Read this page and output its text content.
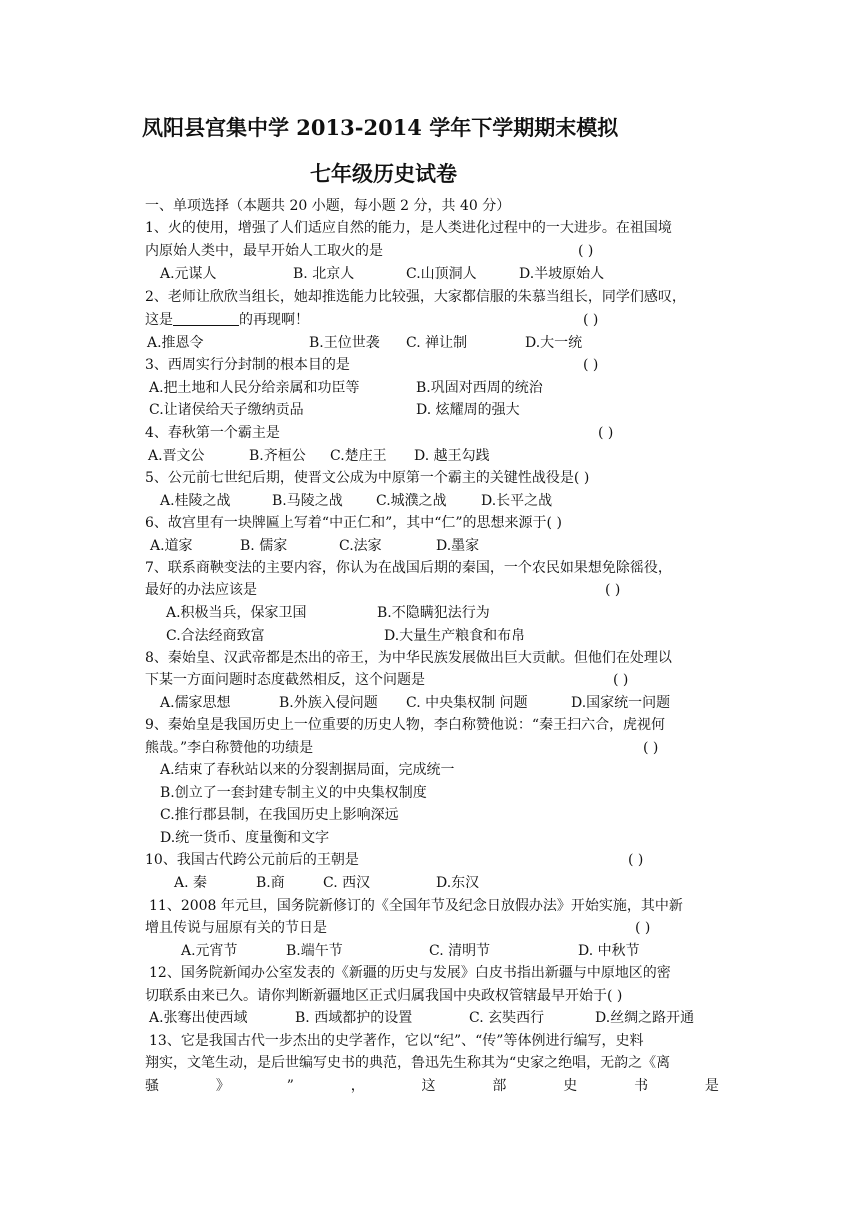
凤阳县宫集中学 2013-2014 学年下学期期末模拟
七年级历史试卷
一、单项选择（本题共 20 小题，每小题 2 分，共 40 分）
1、火的使用，增强了人们适应自然的能力，是人类进化过程中的一大进步。在祖国境
内原始人类中，最早开始人工取火的是	( )
A.元谋人	B. 北京人	C.山顶洞人	D.半坡原始人
2、老师让欣欣当组长，她却推选能力比较强，大家都信服的朱慕当组长，同学们感叹，
这是	的再现啊！	( )
A.推恩令	B.王位世袭 C. 禅让制	D.大一统
3、西周实行分封制的根本目的是	( )
A.把土地和人民分给亲属和功臣等	B.巩固对西周的统治
C.让诸侯给天子缴纳贡品	D. 炫耀周的强大
4、春秋第一个霸主是	( )
A.晋文公	B.齐桓公 C.楚庄王 D. 越王勾践
5、公元前七世纪后期，使晋文公成为中原第一个霸主的关键性战役是( )
A.桂陵之战	B.马陵之战 C.城濮之战 D.长平之战
6、故宫里有一块牌匾上写着“中正仁和”，其中“仁”的思想来源于( )
A.道家	B. 儒家	C.法家	D.墨家
7、联系商鞅变法的主要内容，你认为在战国后期的秦国，一个农民如果想免除徭役，
最好的办法应该是	( )
A.积极当兵，保家卫国	B.不隐瞒犯法行为
C.合法经商致富	D.大量生产粮食和布帛
8、秦始皇、汉武帝都是杰出的帝王，为中华民族发展做出巨大贡献。但他们在处理以
下某一方面问题时态度截然相反，这个问题是	( )
A.儒家思想	B.外族入侵问题 C. 中央集权制 问题	D.国家统一问题
9、秦始皇是我国历史上一位重要的历史人物，李白称赞他说：“秦王扫六合，虎视何
熊哉。”李白称赞他的功绩是	( )
A.结束了春秋站以来的分裂割据局面，完成统一
B.创立了一套封建专制主义的中央集权制度
C.推行郡县制，在我国历史上影响深远
D.统一货币、度量衡和文字
10、我国古代跨公元前后的王朝是	( )
A. 秦	B.商	C. 西汉	D.东汉
11、2008 年元旦，国务院新修订的《全国年节及纪念日放假办法》开始实施，其中新
增且传说与屈原有关的节日是	( )
A.元宵节	B.端午节	C. 清明节	D. 中秋节
12、国务院新闻办公室发表的《新疆的历史与发展》白皮书指出新疆与中原地区的密
切联系由来已久。请你判断新疆地区正式归属我国中央政权管辖最早开始于( )
A.张骞出使西域	B. 西域都护的设置	C. 玄奘西行	D.丝绸之路开通
13、它是我国古代一步杰出的史学著作，它以“纪”、“传”等体例进行编写，史料
翔实，文笔生动，是后世编写史书的典范，鲁迅先生称其为“史家之绝唱，无韵之《离
骚	》	”	，	这	部	史	书	是
